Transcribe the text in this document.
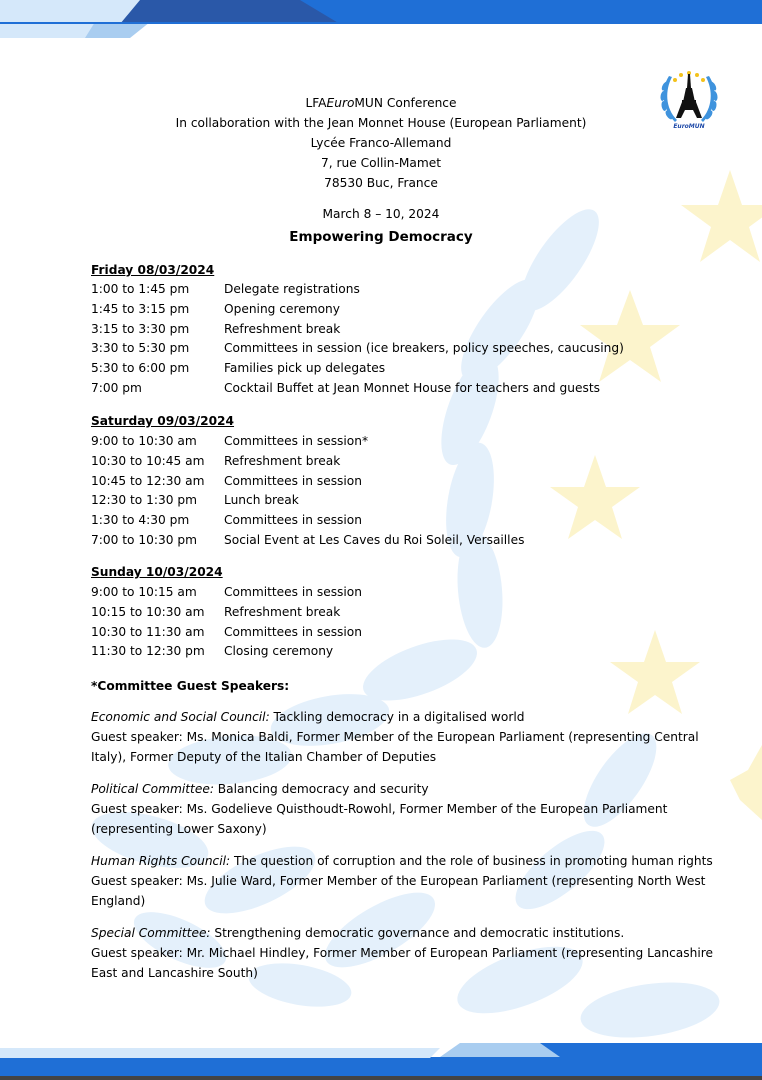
EuroMUN
LFAEuroMUN Conference
In collaboration with the Jean Monnet House (European Parliament)
Lycée Franco-Allemand
7, rue Collin-Mamet
78530 Buc, France
March 8 – 10, 2024
Empowering Democracy
Friday 08/03/2024
1:00 to 1:45 pm	Delegate registrations
1:45 to 3:15 pm	Opening ceremony
3:15 to 3:30 pm	Refreshment break
3:30 to 5:30 pm	Committees in session (ice breakers, policy speeches, caucusing)
5:30 to 6:00 pm	Families pick up delegates
7:00 pm	Cocktail Buffet at Jean Monnet House for teachers and guests
Saturday 09/03/2024
9:00 to 10:30 am Committees in session*
10:30 to 10:45 am Refreshment break
10:45 to 12:30 am Committees in session
12:30 to 1:30 pm Lunch break
1:30 to 4:30 pm	Committees in session
7:00 to 10:30 pm Social Event at Les Caves du Roi Soleil, Versailles
Sunday 10/03/2024
9:00 to 10:15 am Committees in session
10:15 to 10:30 am Refreshment break
10:30 to 11:30 am Committees in session
11:30 to 12:30 pm Closing ceremony
*Committee Guest Speakers:

Economic and Social Council: Tackling democracy in a digitalised world

Guest speaker: Ms. Monica Baldi, Former Member of the European Parliament (representing Central Italy), Former Deputy of the Italian Chamber of Deputies

Political Committee: Balancing democracy and security

Guest speaker: Ms. Godelieve Quisthoudt-Rowohl, Former Member of the European Parliament (representing Lower Saxony)

Human Rights Council: The question of corruption and the role of business in promoting human rights

Guest speaker: Ms. Julie Ward, Former Member of the European Parliament (representing North West England)

Special Committee: Strengthening democratic governance and democratic institutions.

Guest speaker: Mr. Michael Hindley, Former Member of European Parliament (representing Lancashire East and Lancashire South)
